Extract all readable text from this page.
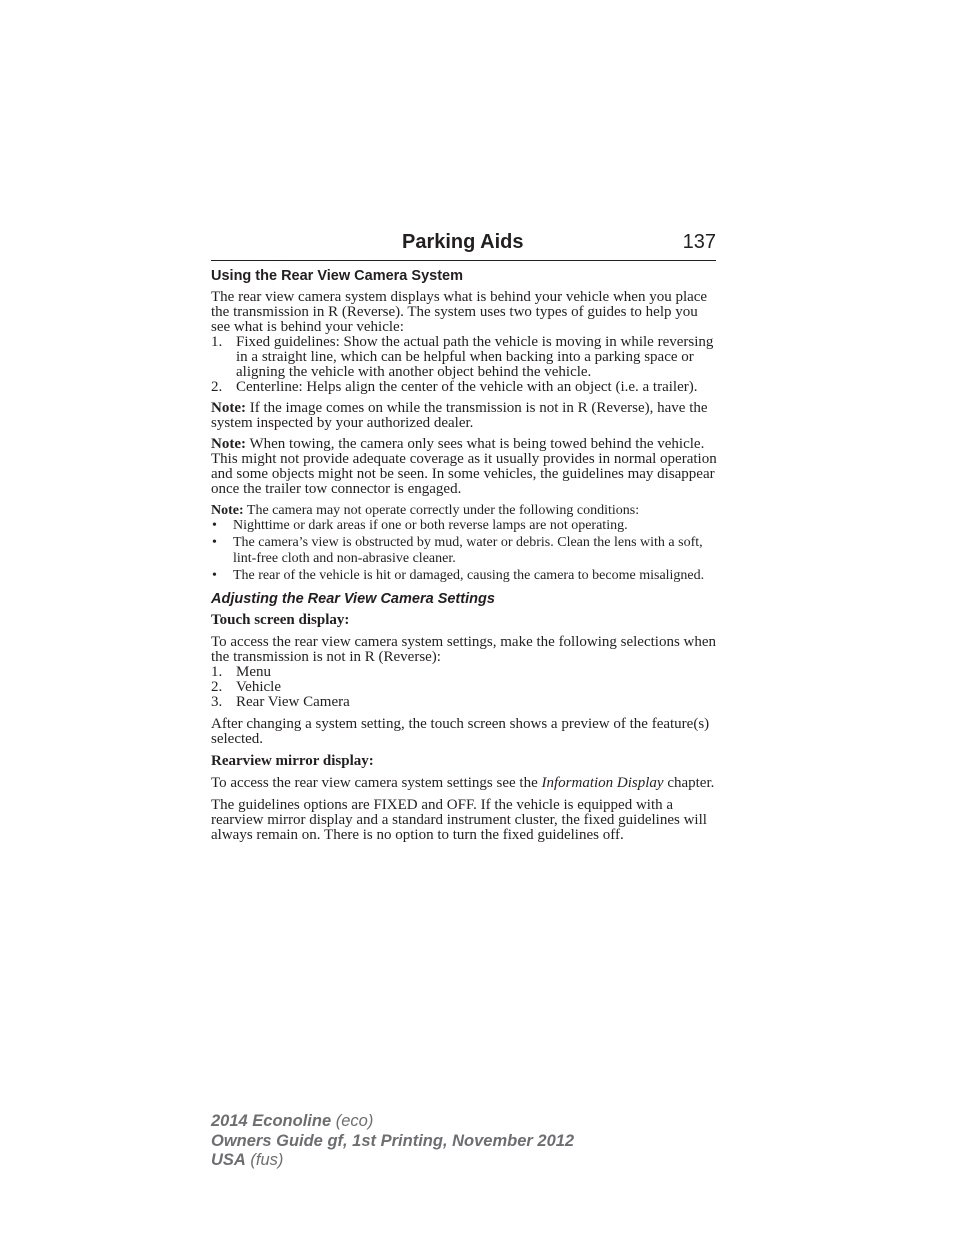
Parking Aids	137
Using the Rear View Camera System

The rear view camera system displays what is behind your vehicle when you place the transmission in R (Reverse). The system uses two types of guides to help you see what is behind your vehicle:

1. Fixed guidelines: Show the actual path the vehicle is moving in while reversing in a straight line, which can be helpful when backing into a parking space or aligning the vehicle with another object behind the vehicle.
2. Centerline: Helps align the center of the vehicle with an object (i.e. a trailer).

Note: If the image comes on while the transmission is not in R (Reverse), have the system inspected by your authorized dealer.

Note: When towing, the camera only sees what is being towed behind the vehicle. This might not provide adequate coverage as it usually provides in normal operation and some objects might not be seen. In some vehicles, the guidelines may disappear once the trailer tow connector is engaged.

Note: The camera may not operate correctly under the following conditions:

• Nighttime or dark areas if one or both reverse lamps are not operating.
• The camera’s view is obstructed by mud, water or debris. Clean the lens with a soft, lint-free cloth and non-abrasive cleaner.
• The rear of the vehicle is hit or damaged, causing the camera to become misaligned.
Adjusting the Rear View Camera Settings

Touch screen display:

To access the rear view camera system settings, make the following selections when the transmission is not in R (Reverse):

1. Menu
2. Vehicle
3. Rear View Camera

After changing a system setting, the touch screen shows a preview of the feature(s) selected.

Rearview mirror display:

To access the rear view camera system settings see the Information Display chapter.

The guidelines options are FIXED and OFF. If the vehicle is equipped with a rearview mirror display and a standard instrument cluster, the fixed guidelines will always remain on. There is no option to turn the fixed guidelines off.

2014 Econoline (eco)
Owners Guide gf, 1st Printing, November 2012
USA (fus)
